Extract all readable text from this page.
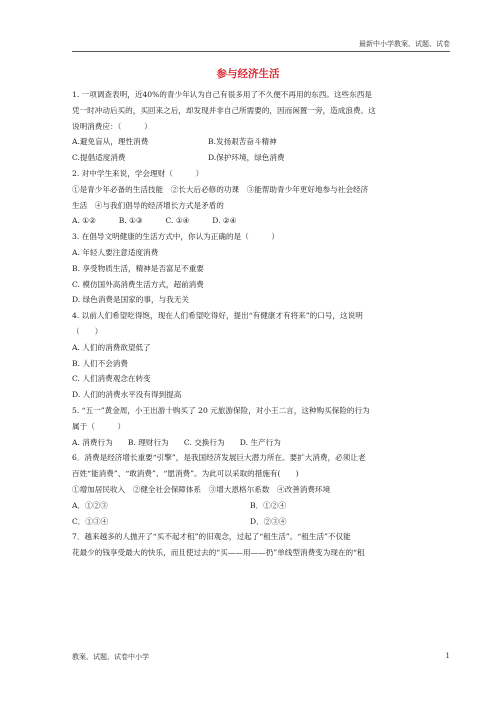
最新中小学教案、试题、试卷
参与经济生活

1. 一项调查表明，近40%的青少年认为自己有很多用了不久便不再用的东西。这些东西是

凭一时冲动后买的，买回来之后，却发现并非自己所需要的，因而闲置一旁，造成浪费。这

说明消费应：（　　　）

A.避免盲从，理性消费	B.发扬艰苦奋斗精神
C.提倡适度消费	D.保护环境，绿色消费

2. 对中学生来说，学会理财（　　　）

①是青少年必备的生活技能　②长大后必修的功课　③能帮助青少年更好地参与社会经济

生活　④与我们倡导的经济增长方式是矛盾的

A. ①②　　　B. ①③　　　C. ①④　　　D. ②④

3. 在倡导文明健康的生活方式中，你认为正确的是（　　　）

A. 年轻人要注意适度消费

B. 享受物质生活，精神是否富足不重要

C. 模仿国外高消费生活方式，超前消费

D. 绿色消费是国家的事，与我无关

4. 以前人们希望吃得饱，现在人们希望吃得好，提出“有健康才有将来”的口号，这说明

（　　）

A. 人们的消费欲望低了

B. 人们不会消费

C. 人们消费观念在转变

D. 人们的消费水平没有得到提高

5. “五一”黄金周，小王出游十购买了 20 元旅游保险，对小王二言，这种购买保险的行为

属于（　　　）

A. 消费行为　　B. 理财行为　　C. 交换行为　　D. 生产行为

6．消费是经济增长重要“引擎”，是我国经济发展巨大潜力所在。要扩大消费，必须让老

百姓“能消费”、“敢消费”、“愿消费”。为此可以采取的措施有(　　)

①增加居民收入　②健全社会保障体系　③增大恩格尔系数　④改善消费环境

A．①②③	B．①②④
C．①③④	D．②③④

7．越来越多的人抛开了“买不起才租”的旧观念，过起了“租生活”。“租生活”不仅能

花最少的钱享受最大的快乐，而且使过去的“买——用——扔”单线型消费变为现在的“租

教案、试题、试卷中小学	1
